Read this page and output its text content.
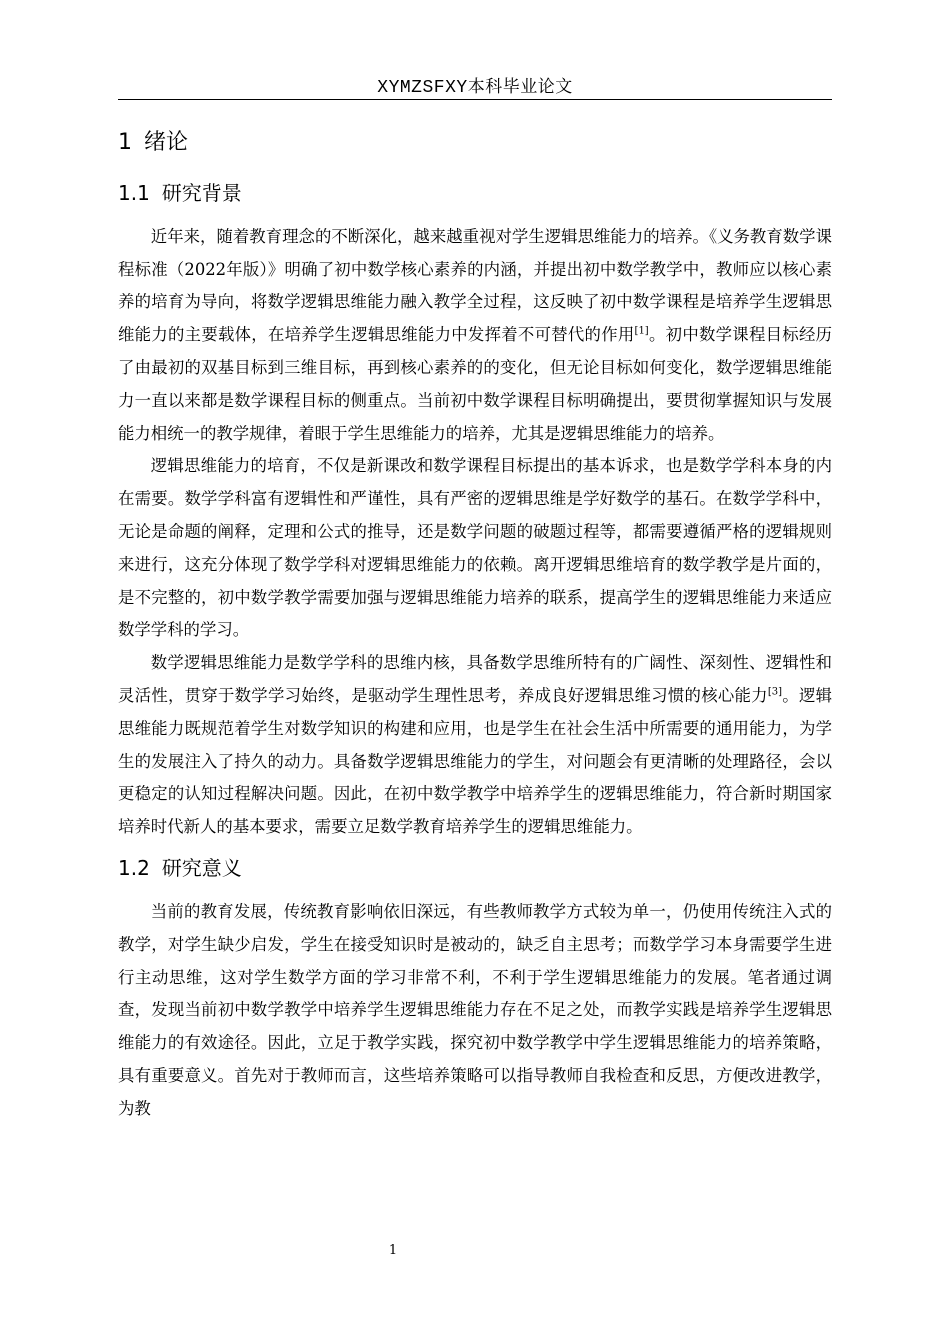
XYMZSFXY本科毕业论文
1 绪论
1.1 研究背景

近年来，随着教育理念的不断深化，越来越重视对学生逻辑思维能力的培养。《义务教育数学课程标准（2022年版）》明确了初中数学核心素养的内涵，并提出初中数学教学中，教师应以核心素养的培育为导向，将数学逻辑思维能力融入教学全过程，这反映了初中数学课程是培养学生逻辑思维能力的主要载体，在培养学生逻辑思维能力中发挥着不可替代的作用[1]。初中数学课程目标经历了由最初的双基目标到三维目标，再到核心素养的的变化，但无论目标如何变化，数学逻辑思维能力一直以来都是数学课程目标的侧重点。当前初中数学课程目标明确提出，要贯彻掌握知识与发展能力相统一的教学规律，着眼于学生思维能力的培养，尤其是逻辑思维能力的培养。

逻辑思维能力的培育，不仅是新课改和数学课程目标提出的基本诉求，也是数学学科本身的内在需要。数学学科富有逻辑性和严谨性，具有严密的逻辑思维是学好数学的基石。在数学学科中，无论是命题的阐释，定理和公式的推导，还是数学问题的破题过程等，都需要遵循严格的逻辑规则来进行，这充分体现了数学学科对逻辑思维能力的依赖。离开逻辑思维培育的数学教学是片面的，是不完整的，初中数学教学需要加强与逻辑思维能力培养的联系，提高学生的逻辑思维能力来适应数学学科的学习。

数学逻辑思维能力是数学学科的思维内核，具备数学思维所特有的广阔性、深刻性、逻辑性和灵活性，贯穿于数学学习始终，是驱动学生理性思考，养成良好逻辑思维习惯的核心能力[3]。逻辑思维能力既规范着学生对数学知识的构建和应用，也是学生在社会生活中所需要的通用能力，为学生的发展注入了持久的动力。具备数学逻辑思维能力的学生，对问题会有更清晰的处理路径，会以更稳定的认知过程解决问题。因此，在初中数学教学中培养学生的逻辑思维能力，符合新时期国家培养时代新人的基本要求，需要立足数学教育培养学生的逻辑思维能力。

1.2 研究意义

当前的教育发展，传统教育影响依旧深远，有些教师教学方式较为单一，仍使用传统注入式的教学，对学生缺少启发，学生在接受知识时是被动的，缺乏自主思考；而数学学习本身需要学生进行主动思维，这对学生数学方面的学习非常不利，不利于学生逻辑思维能力的发展。笔者通过调查，发现当前初中数学教学中培养学生逻辑思维能力存在不足之处，而教学实践是培养学生逻辑思维能力的有效途径。因此，立足于教学实践，探究初中数学教学中学生逻辑思维能力的培养策略，具有重要意义。首先对于教师而言，这些培养策略可以指导教师自我检查和反思，方便改进教学，为教

1
